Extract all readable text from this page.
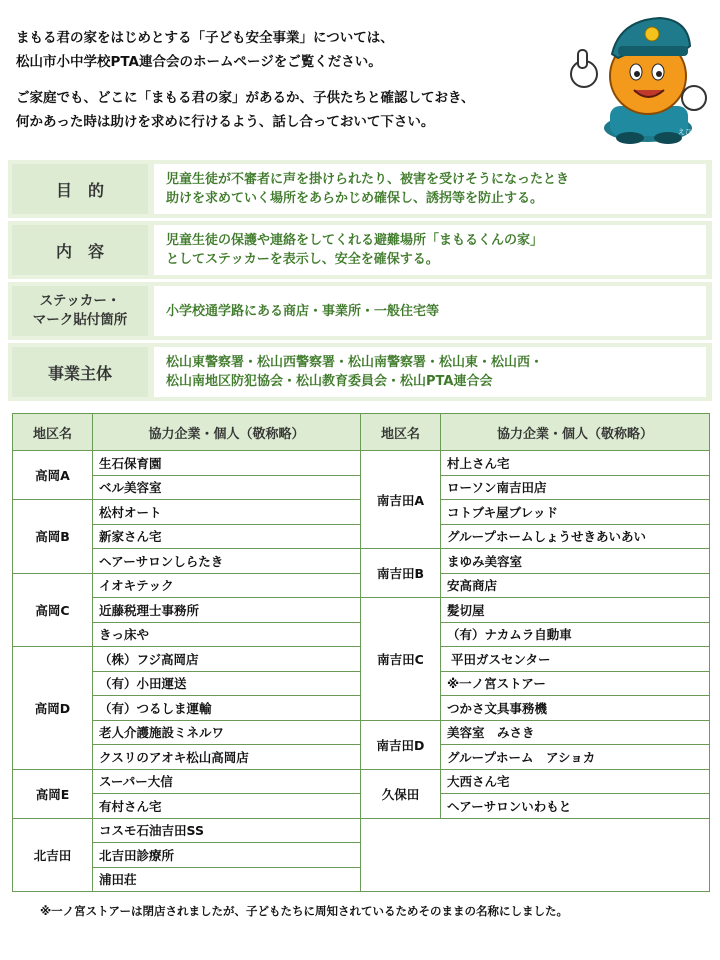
まもる君の家をはじめとする「子ども安全事業」については、

松山市小中学校PTA連合会のホームページをご覧ください。

ご家庭でも、どこに「まもる君の家」があるか、子供たちと確認しておき、

何かあった時は助けを求めに行けるよう、話し合っておいて下さい。

えひめ
目　的
児童生徒が不審者に声を掛けられたり、被害を受けそうになったとき
助けを求めていく場所をあらかじめ確保し、誘拐等を防止する。
内　容
児童生徒の保護や連絡をしてくれる避難場所「まもるくんの家」
としてステッカーを表示し、安全を確保する。
ステッカー・
マーク貼付箇所
小学校通学路にある商店・事業所・一般住宅等
事業主体
松山東警察署・松山西警察署・松山南警察署・松山東・松山西・
松山南地区防犯協会・松山教育委員会・松山PTA連合会
地区名	協力企業・個人（敬称略）	地区名	協力企業・個人（敬称略）
高岡A	生石保育園	南吉田A	村上さん宅
	ベル美容室		ローソン南吉田店
高岡B	松村オート		コトブキ屋ブレッド
	新家さん宅		グループホームしょうせきあいあい
	ヘアーサロンしらたき	南吉田B	まゆみ美容室
高岡C	イオキテック		安高商店
	近藤税理士事務所	南吉田C	髪切屋
	きっ床や		（有）ナカムラ自動車
高岡D	（株）フジ高岡店		平田ガスセンター
	（有）小田運送		※一ノ宮ストアー
	（有）つるしま運輸		つかさ文具事務機
	老人介護施設ミネルワ	南吉田D	美容室　みさき
	クスリのアオキ松山高岡店		グループホーム　アショカ
高岡E	スーパー大信	久保田	大西さん宅
	有村さん宅		ヘアーサロンいわもと
北吉田	コスモ石油吉田SS		
	北吉田診療所		
	浦田荘		
※一ノ宮ストアーは閉店されましたが、子どもたちに周知されているためそのままの名称にしました。
